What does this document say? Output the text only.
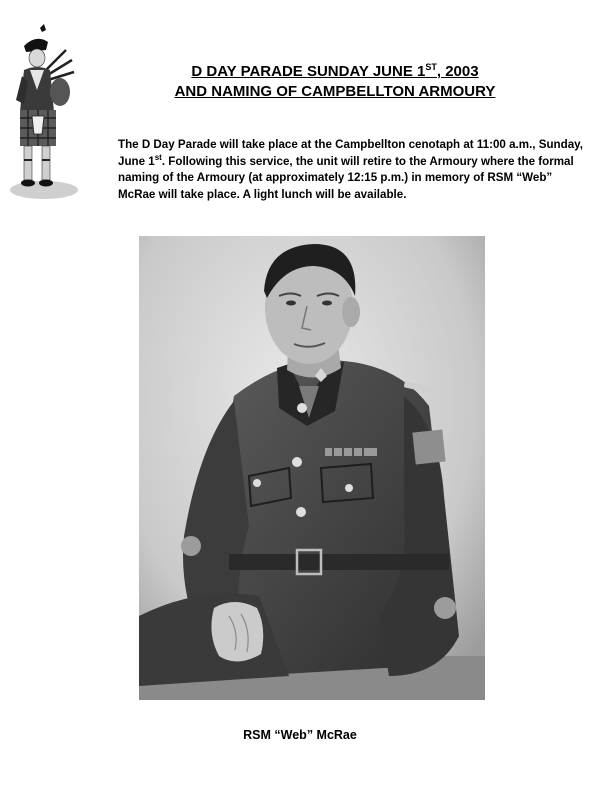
D DAY PARADE SUNDAY JUNE 1ST, 2003
AND NAMING OF CAMPBELLTON ARMOURY
The D Day Parade will take place at the Campbellton cenotaph at 11:00 a.m., Sunday, June 1st. Following this service, the unit will retire to the Armoury where the formal naming of the Armoury (at approximately 12:15 p.m.) in memory of RSM “Web” McRae will take place. A light lunch will be available.
RSM “Web” McRae
